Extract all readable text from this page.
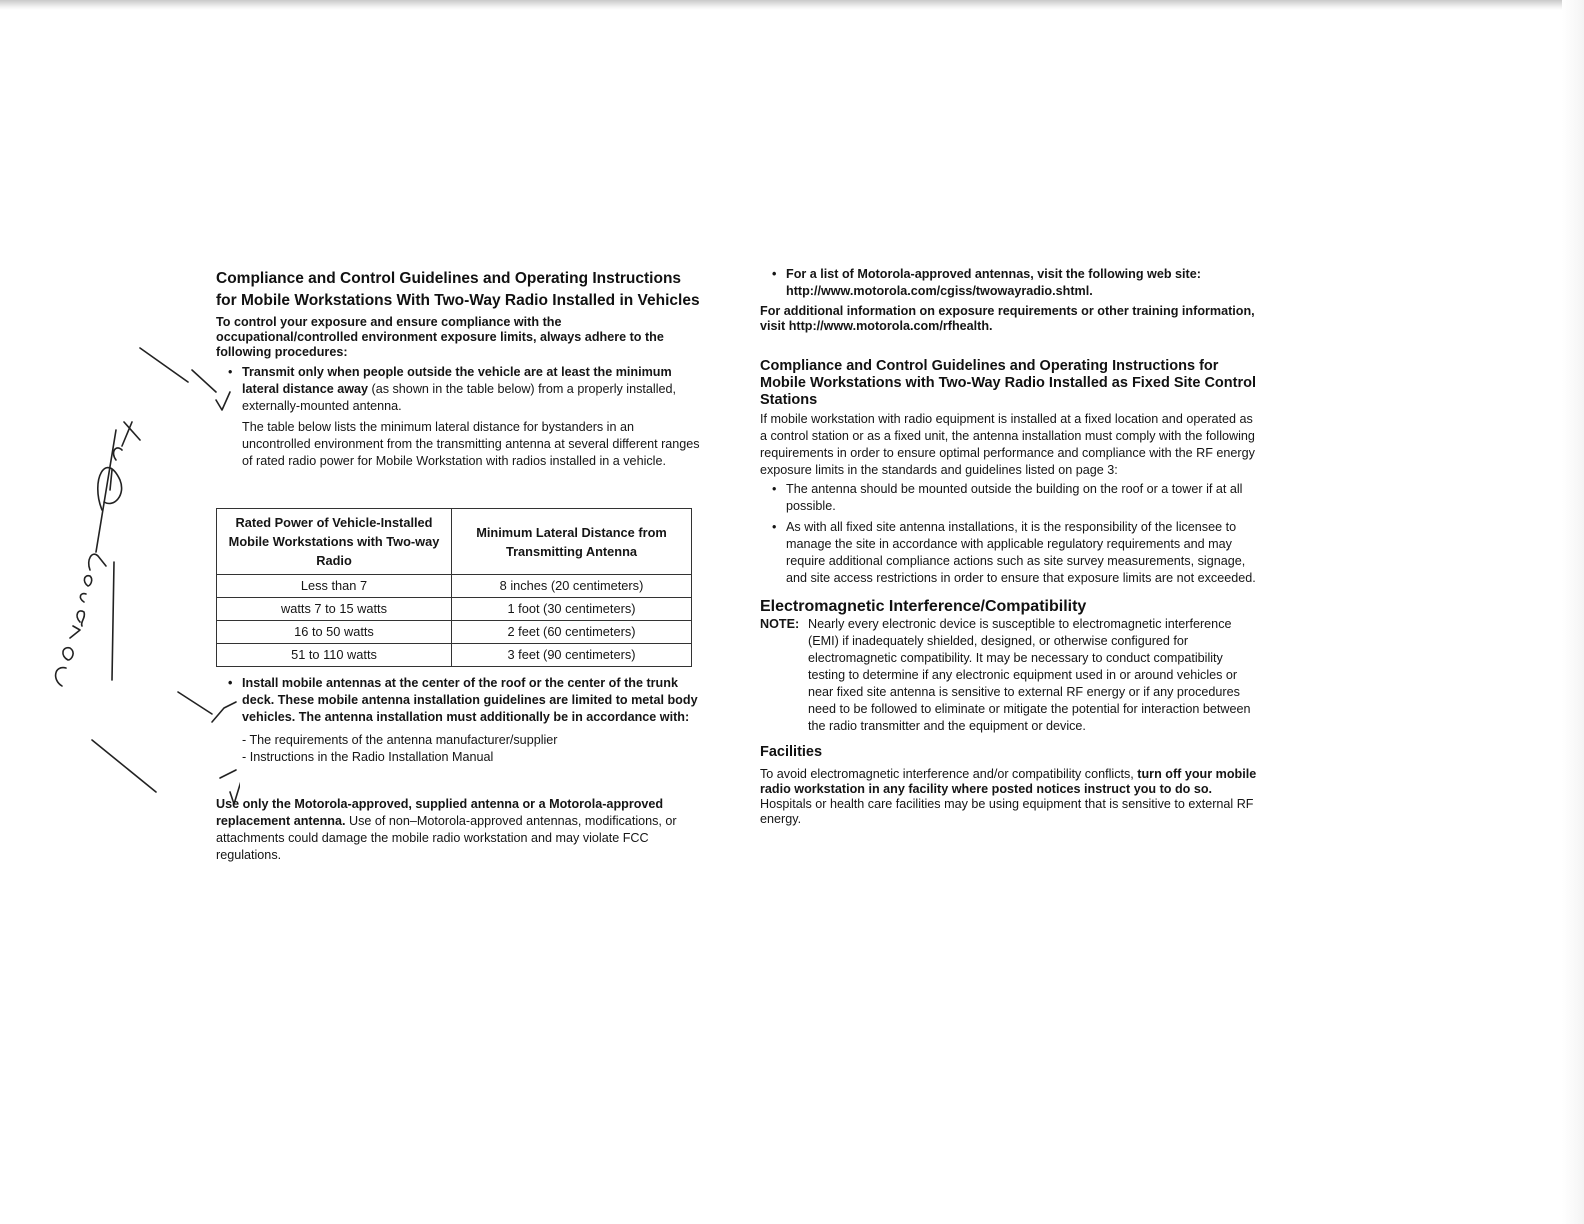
Compliance and Control Guidelines and Operating Instructions for Mobile Workstations With Two-Way Radio Installed in Vehicles

To control your exposure and ensure compliance with the occupational/controlled environment exposure limits, always adhere to the following procedures:

• Transmit only when people outside the vehicle are at least the minimum lateral distance away (as shown in the table below) from a properly installed, externally-mounted antenna.

The table below lists the minimum lateral distance for bystanders in an uncontrolled environment from the transmitting antenna at several different ranges of rated radio power for Mobile Workstation with radios installed in a vehicle.

Rated Power of Vehicle-Installed Mobile Workstations with Two-way Radio	Minimum Lateral Distance from Transmitting Antenna
Less than 7	8 inches (20 centimeters)
watts 7 to 15 watts	1 foot (30 centimeters)
16 to 50 watts	2 feet (60 centimeters)
51 to 110 watts	3 feet (90 centimeters)
• Install mobile antennas at the center of the roof or the center of the trunk deck. These mobile antenna installation guidelines are limited to metal body vehicles. The antenna installation must additionally be in accordance with:

- The requirements of the antenna manufacturer/supplier

- Instructions in the Radio Installation Manual

Use only the Motorola-approved, supplied antenna or a Motorola-approved replacement antenna. Use of non–Motorola-approved antennas, modifications, or attachments could damage the mobile radio workstation and may violate FCC regulations.

• For a list of Motorola-approved antennas, visit the following web site: http://www.motorola.com/cgiss/twowayradio.shtml.

For additional information on exposure requirements or other training information, visit http://www.motorola.com/rfhealth.

Compliance and Control Guidelines and Operating Instructions for Mobile Workstations with Two-Way Radio Installed as Fixed Site Control Stations

If mobile workstation with radio equipment is installed at a fixed location and operated as a control station or as a fixed unit, the antenna installation must comply with the following requirements in order to ensure optimal performance and compliance with the RF energy exposure limits in the standards and guidelines listed on page 3:

• The antenna should be mounted outside the building on the roof or a tower if at all possible.
• As with all fixed site antenna installations, it is the responsibility of the licensee to manage the site in accordance with applicable regulatory requirements and may require additional compliance actions such as site survey measurements, signage, and site access restrictions in order to ensure that exposure limits are not exceeded.
Electromagnetic Interference/Compatibility
NOTE: Nearly every electronic device is susceptible to electromagnetic interference (EMI) if inadequately shielded, designed, or otherwise configured for electromagnetic compatibility. It may be necessary to conduct compatibility testing to determine if any electronic equipment used in or around vehicles or near fixed site antenna is sensitive to external RF energy or if any procedures need to be followed to eliminate or mitigate the potential for interaction between the radio transmitter and the equipment or device.
Facilities

To avoid electromagnetic interference and/or compatibility conflicts, turn off your mobile radio workstation in any facility where posted notices instruct you to do so. Hospitals or health care facilities may be using equipment that is sensitive to external RF energy.
